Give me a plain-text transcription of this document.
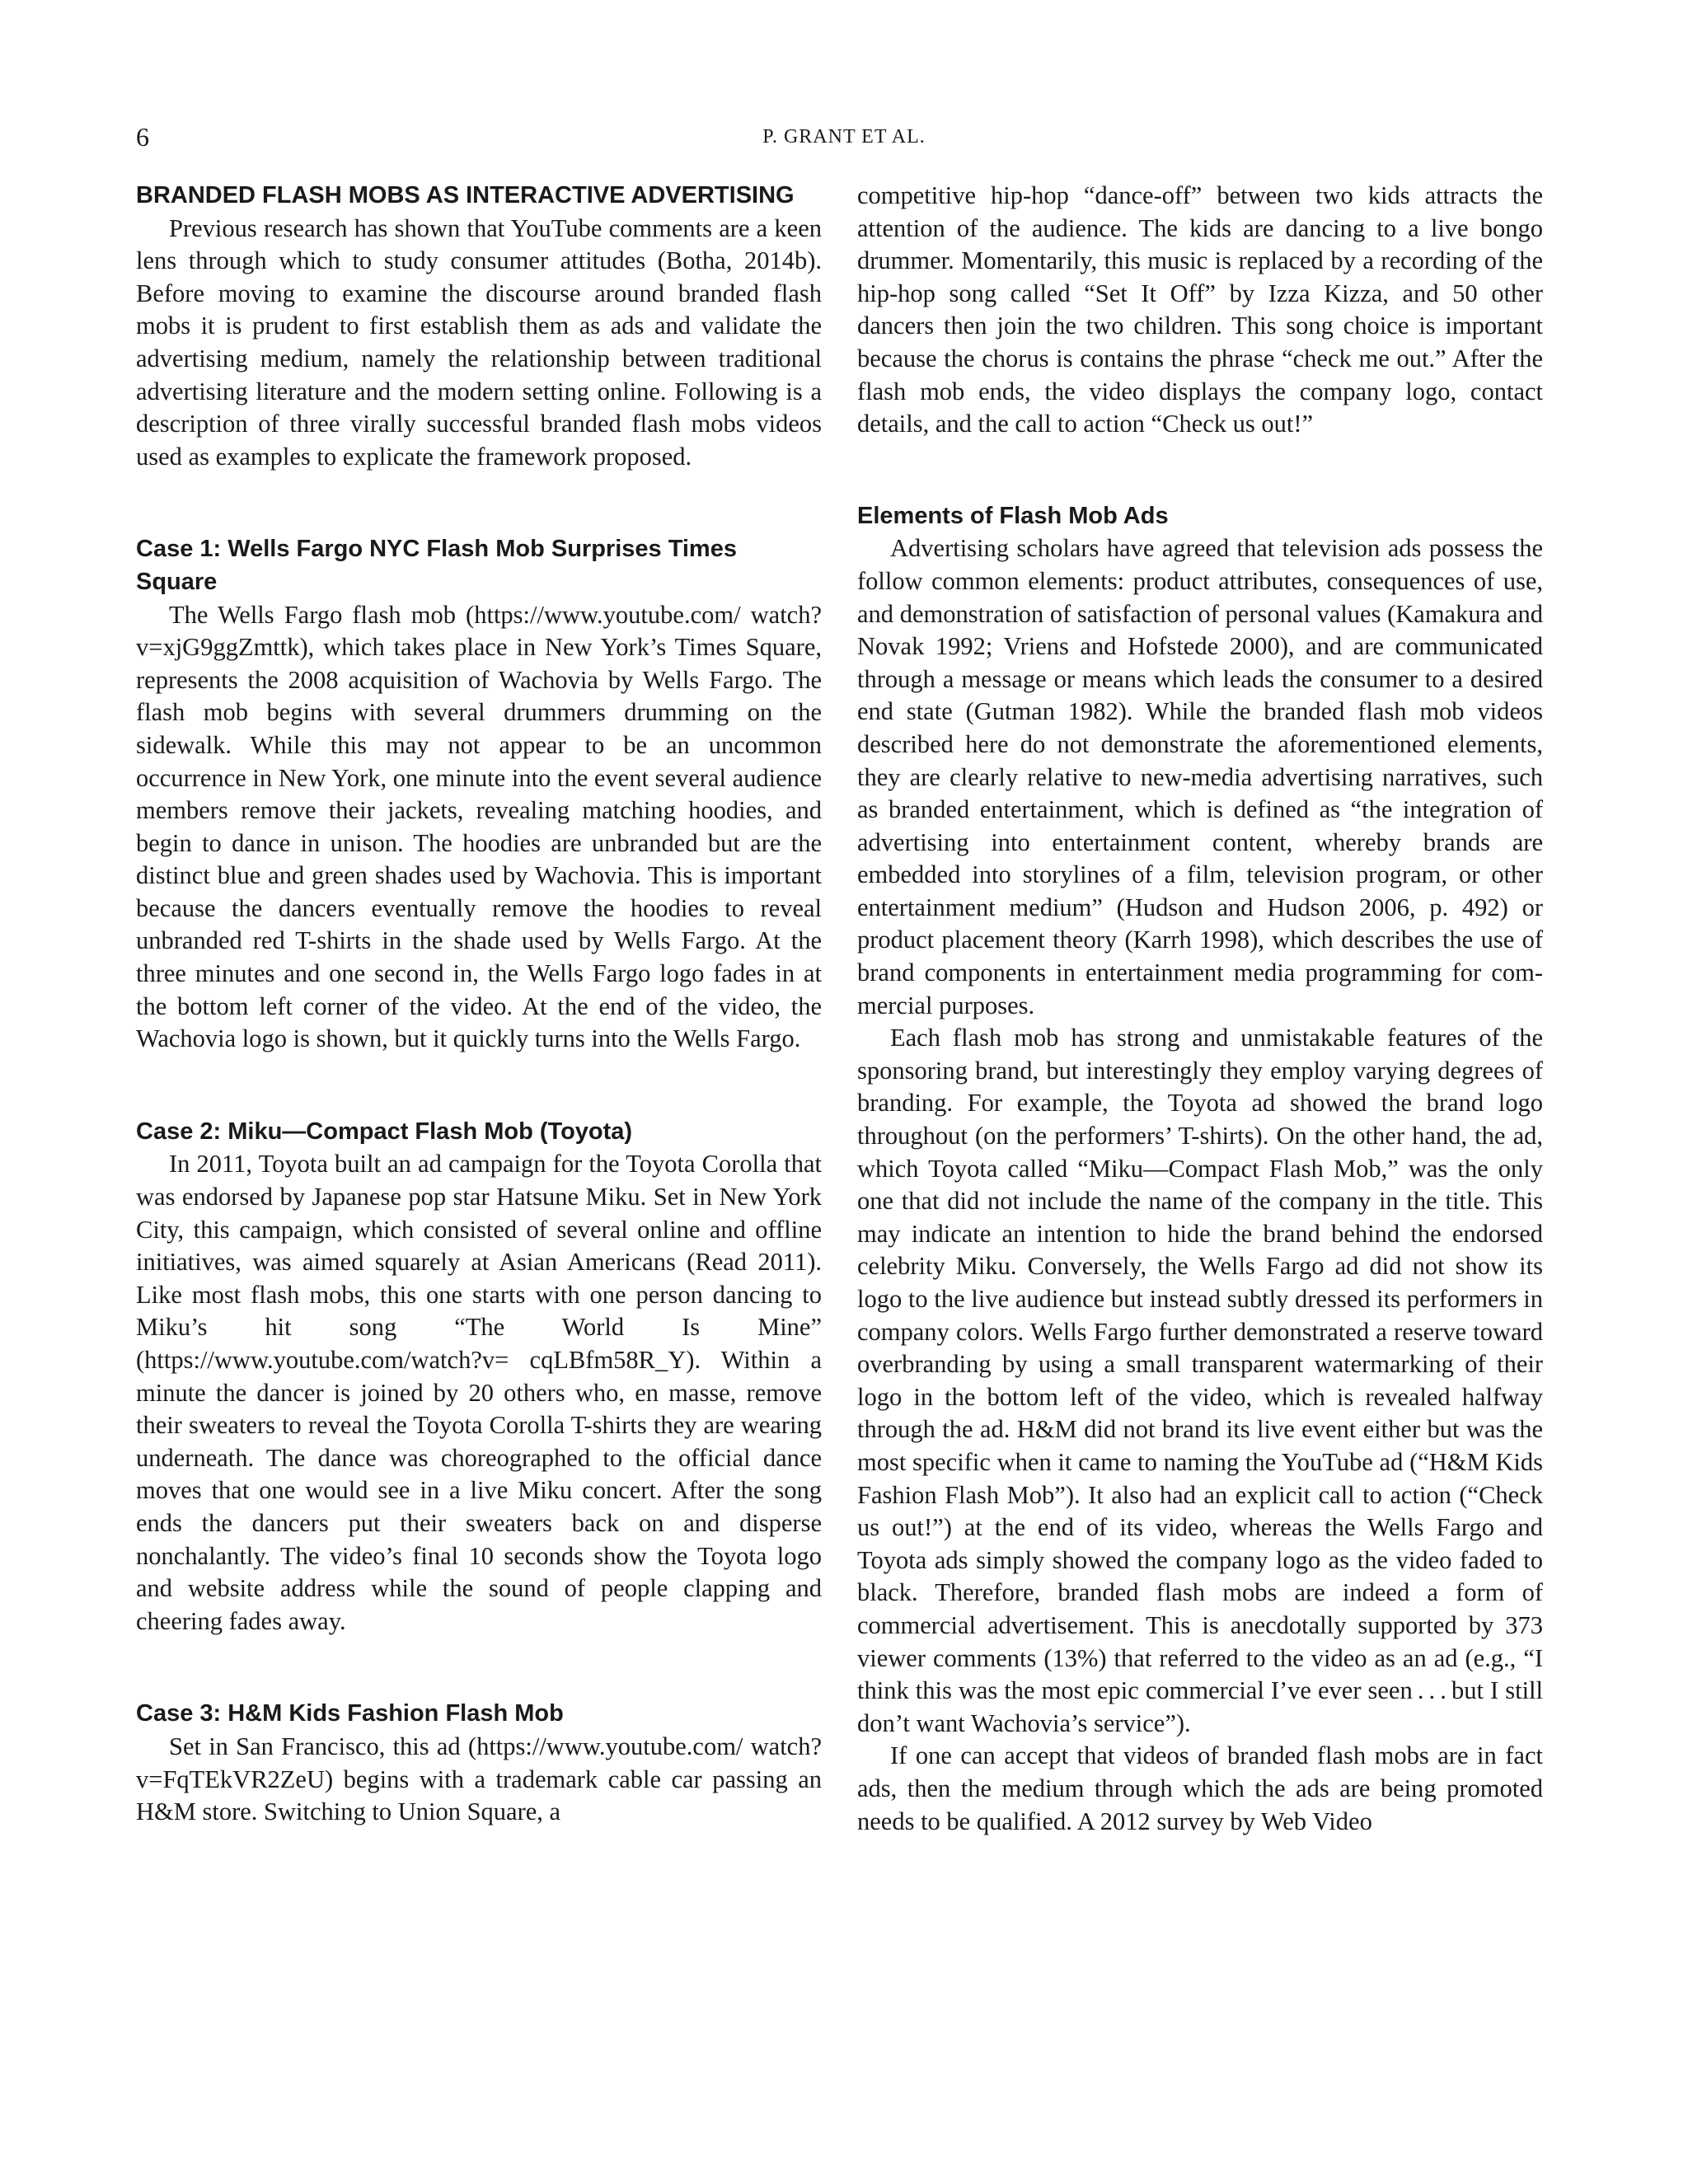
6	P. GRANT ET AL.
BRANDED FLASH MOBS AS INTERACTIVE ADVERTISING

Previous research has shown that YouTube comments are a keen lens through which to study consumer attitudes (Botha, 2014b). Before moving to examine the discourse around branded flash mobs it is prudent to first establish them as ads and validate the advertising medium, namely the relationship between traditional advertising literature and the modern setting online. Following is a description of three virally successful branded flash mobs videos used as examples to explicate the framework proposed.

Case 1: Wells Fargo NYC Flash Mob Surprises Times Square

The Wells Fargo flash mob (https://www.youtube.com/ watch?v=xjG9ggZmttk), which takes place in New York’s Times Square, represents the 2008 acquisition of Wachovia by Wells Fargo. The flash mob begins with several drummers drumming on the sidewalk. While this may not appear to be an uncommon occurrence in New York, one minute into the event several audience members remove their jackets, revealing matching hoodies, and begin to dance in unison. The hoodies are unbranded but are the distinct blue and green shades used by Wachovia. This is important because the dancers eventually remove the hoodies to reveal unbranded red T-shirts in the shade used by Wells Fargo. At the three minutes and one second in, the Wells Fargo logo fades in at the bottom left corner of the video. At the end of the video, the Wachovia logo is shown, but it quickly turns into the Wells Fargo.

Case 2: Miku—Compact Flash Mob (Toyota)

In 2011, Toyota built an ad campaign for the Toyota Corolla that was endorsed by Japanese pop star Hatsune Miku. Set in New York City, this campaign, which consisted of several online and offline initiatives, was aimed squarely at Asian Americans (Read 2011). Like most flash mobs, this one starts with one person dancing to Miku’s hit song “The World Is Mine” (https://www.youtube.com/watch?v= cqLBfm58R_Y). Within a minute the dancer is joined by 20 others who, en masse, remove their sweaters to reveal the Toyota Corolla T-shirts they are wearing underneath. The dance was choreographed to the official dance moves that one would see in a live Miku concert. After the song ends the dancers put their sweaters back on and disperse nonchalantly. The video’s final 10 seconds show the Toyota logo and website address while the sound of people clapping and cheering fades away.

Case 3: H&M Kids Fashion Flash Mob

Set in San Francisco, this ad (https://www.youtube.com/ watch?v=FqTEkVR2ZeU) begins with a trademark cable car passing an H&M store. Switching to Union Square, a

competitive hip-hop “dance-off” between two kids attracts the attention of the audience. The kids are dancing to a live bongo drummer. Momentarily, this music is replaced by a recording of the hip-hop song called “Set It Off” by Izza Kizza, and 50 other dancers then join the two children. This song choice is important because the chorus is contains the phrase “check me out.” After the flash mob ends, the video displays the company logo, contact details, and the call to action “Check us out!”

Elements of Flash Mob Ads

Advertising scholars have agreed that television ads possess the follow common elements: product attributes, consequences of use, and demonstration of satisfaction of personal values (Kamakura and Novak 1992; Vriens and Hofstede 2000), and are communicated through a message or means which leads the consumer to a desired end state (Gutman 1982). While the branded flash mob videos described here do not demonstrate the aforementioned elements, they are clearly relative to new-media advertising narratives, such as branded entertainment, which is defined as “the integration of advertising into entertainment content, whereby brands are embedded into storylines of a film, television program, or other entertainment medium” (Hudson and Hudson 2006, p. 492) or product placement theory (Karrh 1998), which describes the use of brand components in entertainment media programming for commercial purposes.

Each flash mob has strong and unmistakable features of the sponsoring brand, but interestingly they employ varying degrees of branding. For example, the Toyota ad showed the brand logo throughout (on the performers’ T-shirts). On the other hand, the ad, which Toyota called “Miku—Compact Flash Mob,” was the only one that did not include the name of the company in the title. This may indicate an intention to hide the brand behind the endorsed celebrity Miku. Conversely, the Wells Fargo ad did not show its logo to the live audience but instead subtly dressed its performers in company colors. Wells Fargo further demonstrated a reserve toward overbranding by using a small transparent watermarking of their logo in the bottom left of the video, which is revealed halfway through the ad. H&M did not brand its live event either but was the most specific when it came to naming the YouTube ad (“H&M Kids Fashion Flash Mob”). It also had an explicit call to action (“Check us out!”) at the end of its video, whereas the Wells Fargo and Toyota ads simply showed the company logo as the video faded to black. Therefore, branded flash mobs are indeed a form of commercial advertisement. This is anecdotally supported by 373 viewer comments (13%) that referred to the video as an ad (e.g., “I think this was the most epic commercial I’ve ever seen . . . but I still don’t want Wachovia’s service”).

If one can accept that videos of branded flash mobs are in fact ads, then the medium through which the ads are being promoted needs to be qualified. A 2012 survey by Web Video
